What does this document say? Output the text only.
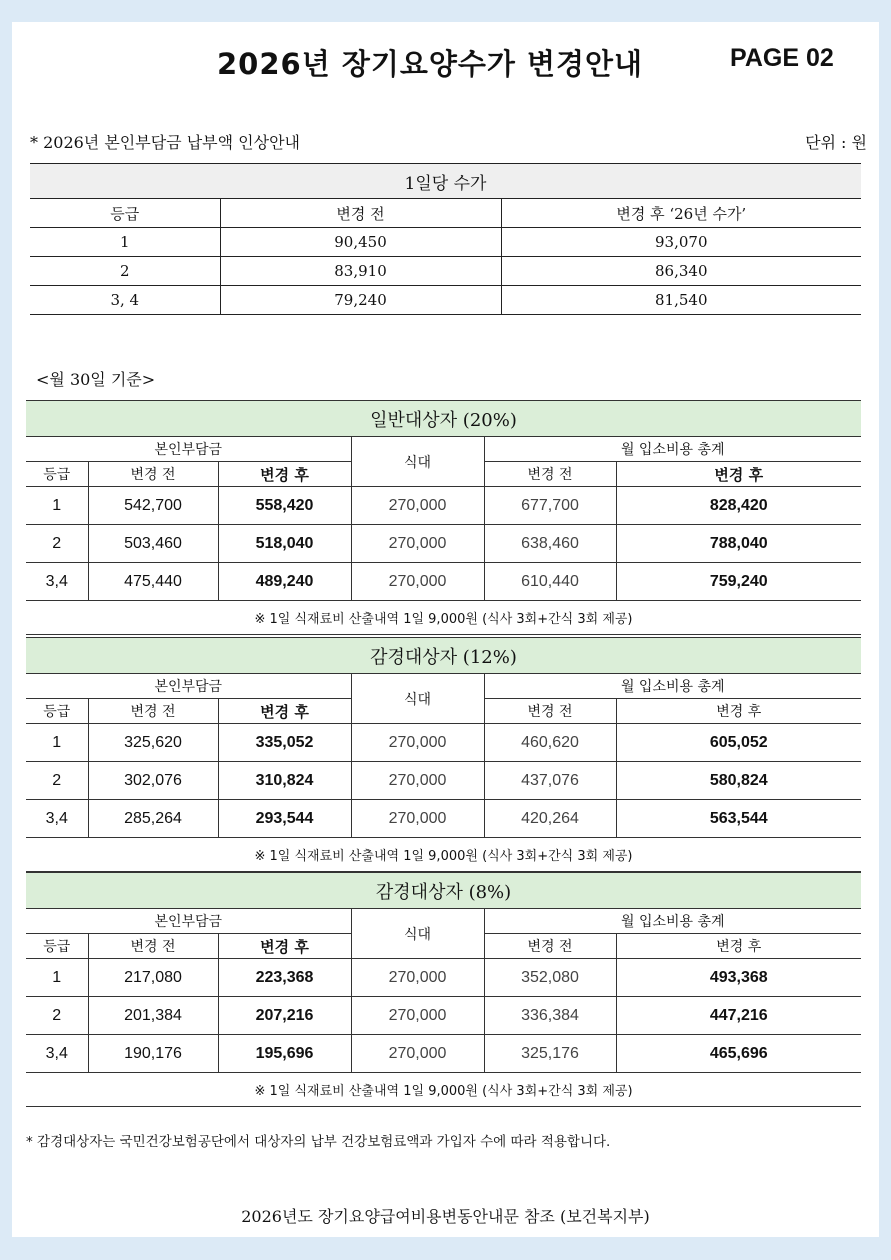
2026년 장기요양수가 변경안내	PAGE 02
* 2026년 본인부담금 납부액 인상안내	단위 : 원
1일당 수가		
등급	변경 전	변경 후 ‘26년 수가’
1	90,450	93,070
2	83,910	86,340
3, 4	79,240	81,540
<월 30일 기준>
일반대상자 (20%)					
본인부담금			식대	월 입소비용 총계	
등급	변경 전	변경 후		변경 전	변경 후
1	542,700	558,420	270,000	677,700	828,420
2	503,460	518,040	270,000	638,460	788,040
3,4	475,440	489,240	270,000	610,440	759,240
※ 1일 식재료비 산출내역 1일 9,000원 (식사 3회+간식 3회 제공)					
감경대상자 (12%)					
본인부담금			식대	월 입소비용 총계	
등급	변경 전	변경 후		변경 전	변경 후
1	325,620	335,052	270,000	460,620	605,052
2	302,076	310,824	270,000	437,076	580,824
3,4	285,264	293,544	270,000	420,264	563,544
※ 1일 식재료비 산출내역 1일 9,000원 (식사 3회+간식 3회 제공)					
감경대상자 (8%)					
본인부담금			식대	월 입소비용 총계	
등급	변경 전	변경 후		변경 전	변경 후
1	217,080	223,368	270,000	352,080	493,368
2	201,384	207,216	270,000	336,384	447,216
3,4	190,176	195,696	270,000	325,176	465,696
※ 1일 식재료비 산출내역 1일 9,000원 (식사 3회+간식 3회 제공)					
* 감경대상자는 국민건강보험공단에서 대상자의 납부 건강보험료액과 가입자 수에 따라 적용합니다.
2026년도 장기요양급여비용변동안내문 참조 (보건복지부)
